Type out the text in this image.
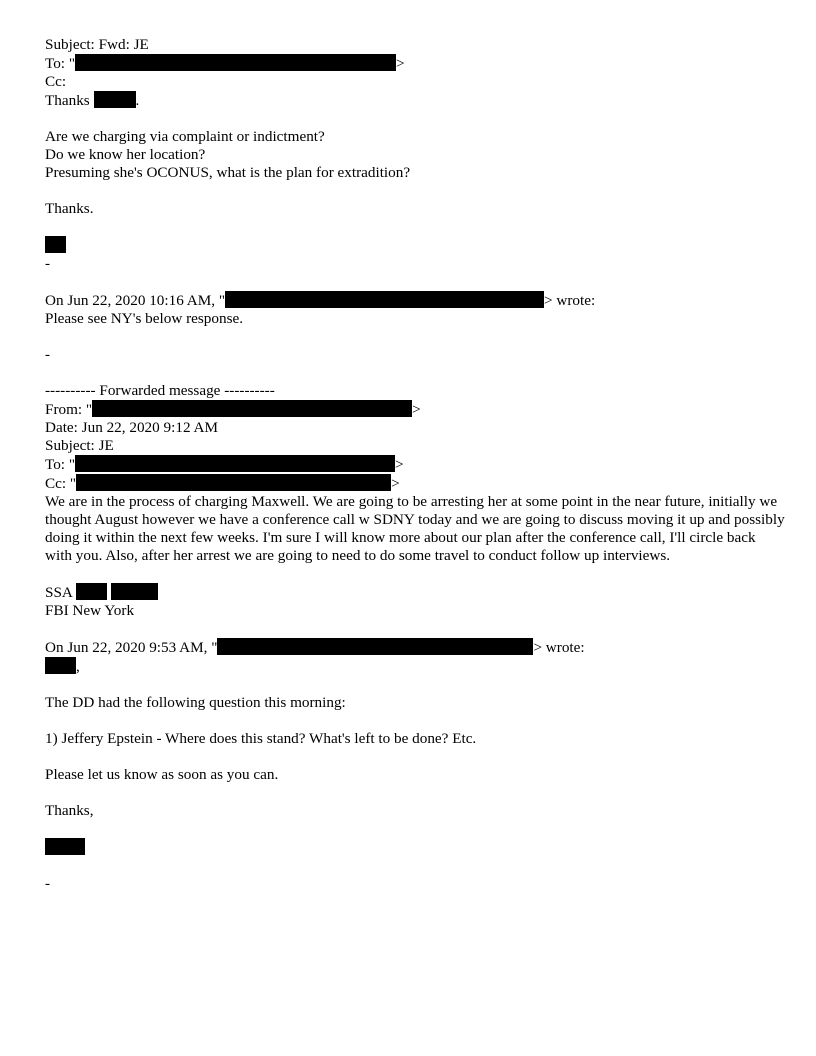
Subject: Fwd: JE
To: "	>
Cc:
Thanks	.
Are we charging via complaint or indictment?
Do we know her location?
Presuming she's OCONUS, what is the plan for extradition?
Thanks.
-
On Jun 22, 2020 10:16 AM, "	> wrote:
Please see NY's below response.
-
---------- Forwarded message ----------
From: "	>
Date: Jun 22, 2020 9:12 AM
Subject: JE
To: "	>
Cc: "	>
We are in the process of charging Maxwell. We are going to be arresting her at some point in the near future, initially we thought August however we have a conference call w SDNY today and we are going to discuss moving it up and possibly doing it within the next few weeks. I'm sure I will know more about our plan after the conference call, I'll circle back with you. Also, after her arrest we are going to need to do some travel to conduct follow up interviews.
SSA
FBI New York
On Jun 22, 2020 9:53 AM, "	> wrote:
,
The DD had the following question this morning:
1) Jeffery Epstein - Where does this stand? What's left to be done? Etc.
Please let us know as soon as you can.
Thanks,
-
